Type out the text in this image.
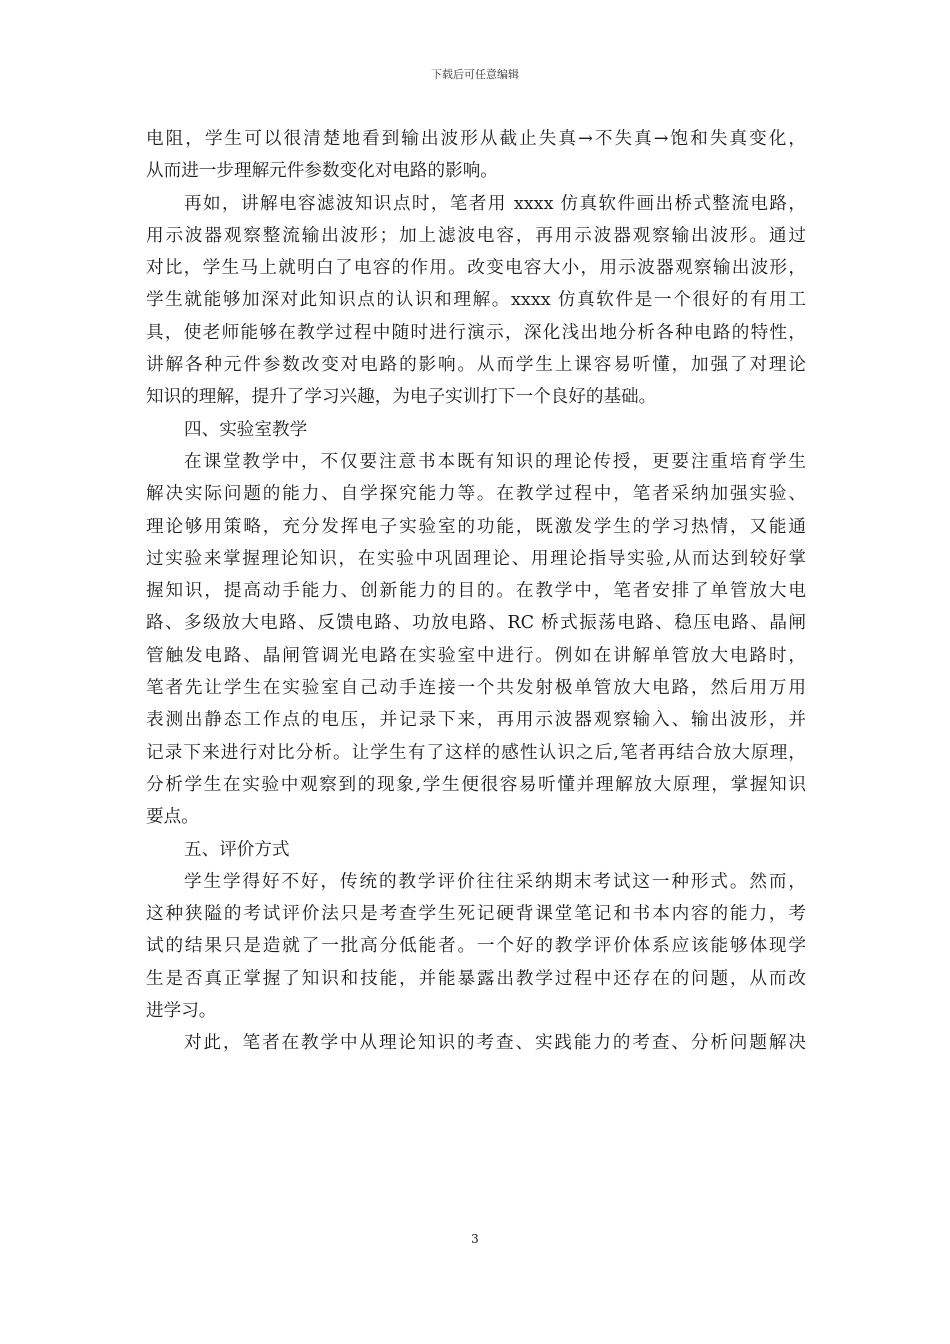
下载后可任意编辑
电阻，学生可以很清楚地看到输出波形从截止失真→不失真→饱和失真变化，
从而进一步理解元件参数变化对电路的影响。
再如，讲解电容滤波知识点时，笔者用 xxxx 仿真软件画出桥式整流电路，
用示波器观察整流输出波形；加上滤波电容，再用示波器观察输出波形。通过
对比，学生马上就明白了电容的作用。改变电容大小，用示波器观察输出波形，
学生就能够加深对此知识点的认识和理解。xxxx 仿真软件是一个很好的有用工
具，使老师能够在教学过程中随时进行演示，深化浅出地分析各种电路的特性，
讲解各种元件参数改变对电路的影响。从而学生上课容易听懂，加强了对理论
知识的理解，提升了学习兴趣，为电子实训打下一个良好的基础。
四、实验室教学
在课堂教学中，不仅要注意书本既有知识的理论传授，更要注重培育学生
解决实际问题的能力、自学探究能力等。在教学过程中，笔者采纳加强实验、
理论够用策略，充分发挥电子实验室的功能，既激发学生的学习热情，又能通
过实验来掌握理论知识，在实验中巩固理论、用理论指导实验,从而达到较好掌
握知识，提高动手能力、创新能力的目的。在教学中，笔者安排了单管放大电
路、多级放大电路、反馈电路、功放电路、RC 桥式振荡电路、稳压电路、晶闸
管触发电路、晶闸管调光电路在实验室中进行。例如在讲解单管放大电路时，
笔者先让学生在实验室自己动手连接一个共发射极单管放大电路，然后用万用
表测出静态工作点的电压，并记录下来，再用示波器观察输入、输出波形，并
记录下来进行对比分析。让学生有了这样的感性认识之后,笔者再结合放大原理，
分析学生在实验中观察到的现象,学生便很容易听懂并理解放大原理，掌握知识
要点。
五、评价方式
学生学得好不好，传统的教学评价往往采纳期末考试这一种形式。然而，
这种狭隘的考试评价法只是考查学生死记硬背课堂笔记和书本内容的能力，考
试的结果只是造就了一批高分低能者。一个好的教学评价体系应该能够体现学
生是否真正掌握了知识和技能，并能暴露出教学过程中还存在的问题，从而改
进学习。
对此，笔者在教学中从理论知识的考查、实践能力的考查、分析问题解决
3
